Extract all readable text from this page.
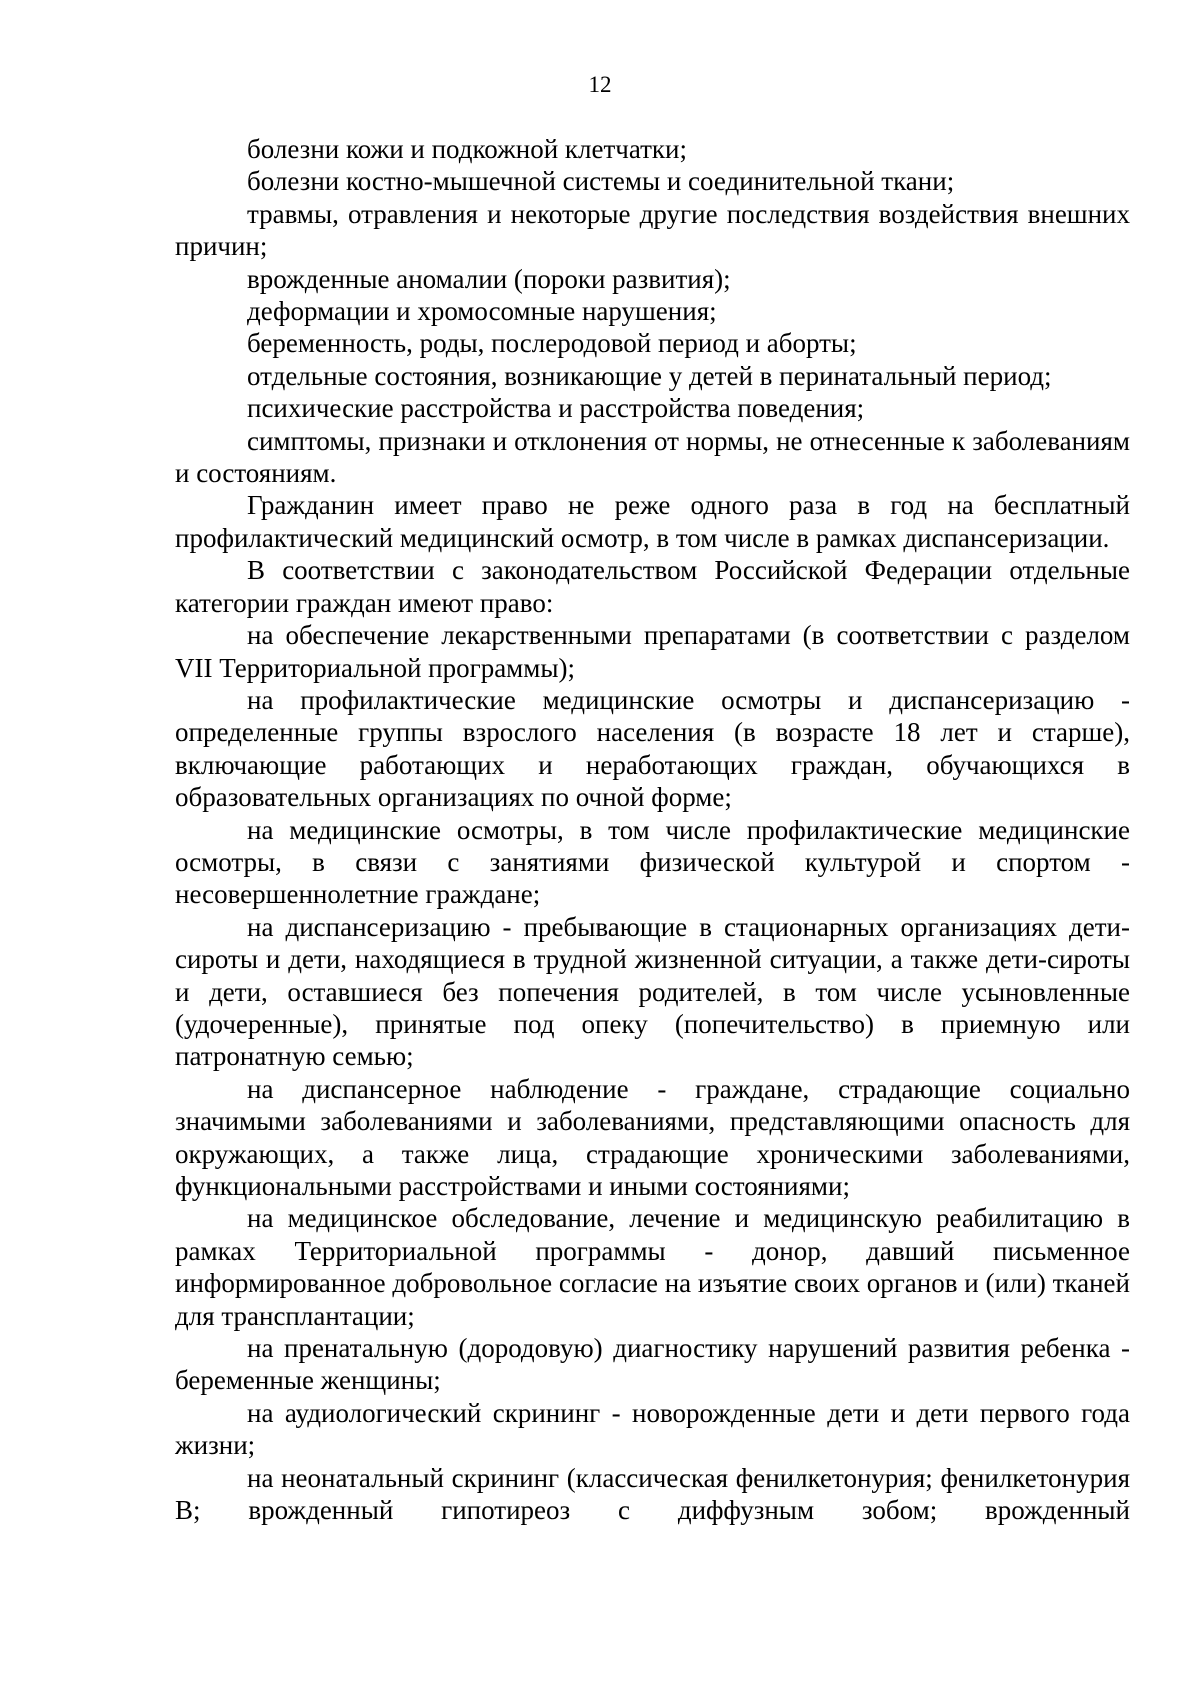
12

болезни кожи и подкожной клетчатки;

болезни костно-мышечной системы и соединительной ткани;

травмы, отравления и некоторые другие последствия воздействия внешних причин;

врожденные аномалии (пороки развития);

деформации и хромосомные нарушения;

беременность, роды, послеродовой период и аборты;

отдельные состояния, возникающие у детей в перинатальный период;

психические расстройства и расстройства поведения;

симптомы, признаки и отклонения от нормы, не отнесенные к заболеваниям и состояниям.

Гражданин имеет право не реже одного раза в год на бесплатный профилактический медицинский осмотр, в том числе в рамках диспансеризации.

В соответствии с законодательством Российской Федерации отдельные категории граждан имеют право:

на обеспечение лекарственными препаратами (в соответствии с разделом VII Территориальной программы);

на профилактические медицинские осмотры и диспансеризацию - определенные группы взрослого населения (в возрасте 18 лет и старше), включающие работающих и неработающих граждан, обучающихся в образовательных организациях по очной форме;

на медицинские осмотры, в том числе профилактические медицинские осмотры, в связи с занятиями физической культурой и спортом - несовершеннолетние граждане;

на диспансеризацию - пребывающие в стационарных организациях дети-сироты и дети, находящиеся в трудной жизненной ситуации, а также дети-сироты и дети, оставшиеся без попечения родителей, в том числе усыновленные (удочеренные), принятые под опеку (попечительство) в приемную или патронатную семью;

на диспансерное наблюдение - граждане, страдающие социально значимыми заболеваниями и заболеваниями, представляющими опасность для окружающих, а также лица, страдающие хроническими заболеваниями, функциональными расстройствами и иными состояниями;

на медицинское обследование, лечение и медицинскую реабилитацию в рамках Территориальной программы - донор, давший письменное информированное добровольное согласие на изъятие своих органов и (или) тканей для трансплантации;

на пренатальную (дородовую) диагностику нарушений развития ребенка - беременные женщины;

на аудиологический скрининг - новорожденные дети и дети первого года жизни;

на неонатальный скрининг (классическая фенилкетонурия; фенилкетонурия В; врожденный гипотиреоз с диффузным зобом; врожденный
